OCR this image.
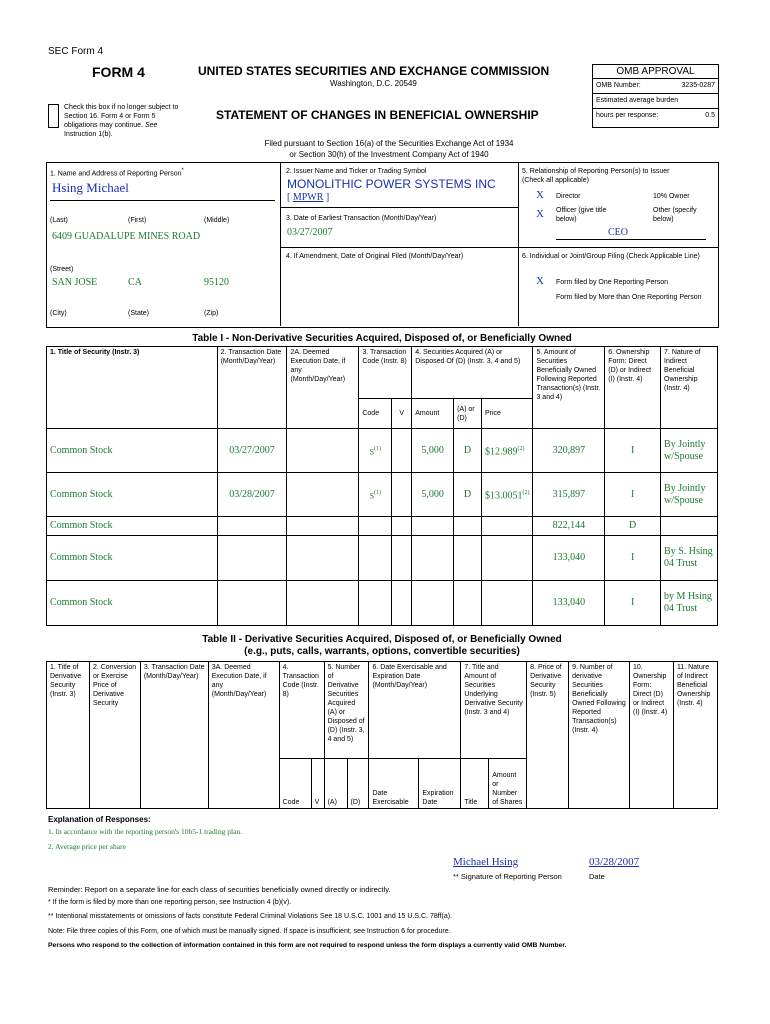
SEC Form 4
FORM 4	UNITED STATES SECURITIES AND EXCHANGE COMMISSION
Washington, D.C. 20549
Check this box if no longer subject to Section 16. Form 4 or Form 5 obligations may continue. See Instruction 1(b).
STATEMENT OF CHANGES IN BENEFICIAL OWNERSHIP
Filed pursuant to Section 16(a) of the Securities Exchange Act of 1934
or Section 30(h) of the Investment Company Act of 1940
OMB APPROVAL
OMB Number:	3235-0287
Estimated average burden
hours per response:	0.5
1. Name and Address of Reporting Person*
Hsing Michael
(Last)	(First)	(Middle)
6409 GUADALUPE MINES ROAD
(Street)
SAN JOSE	CA	95120
(City)	(State)	(Zip)
2. Issuer Name and Ticker or Trading Symbol
MONOLITHIC POWER SYSTEMS INC
[ MPWR ]
3. Date of Earliest Transaction (Month/Day/Year)
03/27/2007
4. If Amendment, Date of Original Filed (Month/Day/Year)
5. Relationship of Reporting Person(s) to Issuer
(Check all applicable)
X Director	10% Owner
X Officer (give title below)
Other (specify below)
CEO
6. Individual or Joint/Group Filing (Check Applicable Line)
X Form filed by One Reporting Person
Form filed by More than One Reporting Person
Table I - Non-Derivative Securities Acquired, Disposed of, or Beneficially Owned
1. Title of Security (Instr. 3)	2. Transaction Date (Month/Day/Year)	2A. Deemed Execution Date, if any (Month/Day/Year)	3. Transaction Code (Instr. 8)		4. Securities Acquired (A) or Disposed Of (D) (Instr. 3, 4 and 5)			5. Amount of Securities Beneficially Owned Following Reported Transaction(s) (Instr. 3 and 4)	6. Ownership Form: Direct (D) or Indirect (I) (Instr. 4)	7. Nature of Indirect Beneficial Ownership (Instr. 4)
			Code	V	Amount	(A) or (D)	Price			
Common Stock	03/27/2007		$S^{(1)}$		5,000	D	$12.989$^{(2)}$	320,897	I	By Jointly w/Spouse
Common Stock	03/28/2007		$S^{(1)}$		5,000	D	$13.0051$^{(2)}$	315,897	I	By Jointly w/Spouse
Common Stock								822,144	D	
Common Stock								133,040	I	By S. Hsing 04 Trust
Common Stock								133,040	I	by M Hsing 04 Trust
Table II - Derivative Securities Acquired, Disposed of, or Beneficially Owned
(e.g., puts, calls, warrants, options, convertible securities)
1. Title of Derivative Security (Instr. 3)	2. Conversion or Exercise Price of Derivative Security	3. Transaction Date (Month/Day/Year)	3A. Deemed Execution Date, if any (Month/Day/Year)	4. Transaction Code (Instr. 8)		5. Number of Derivative Securities Acquired (A) or Disposed of (D) (Instr. 3, 4 and 5)		6. Date Exercisable and Expiration Date (Month/Day/Year)		7. Title and Amount of Securities Underlying Derivative Security (Instr. 3 and 4)		8. Price of Derivative Security (Instr. 5)	9. Number of derivative Securities Beneficially Owned Following Reported Transaction(s) (Instr. 4)	10. Ownership Form: Direct (D) or Indirect (I) (Instr. 4)	11. Nature of Indirect Beneficial Ownership (Instr. 4)
				Code	V	(A)	(D)	Date Exercisable	Expiration Date	Title	Amount or Number of Shares				
Explanation of Responses:
1. In accordance with the reporting person's 10b5-1 trading plan.
2. Average price per share
Michael Hsing	03/28/2007
** Signature of Reporting Person	Date
Reminder: Report on a separate line for each class of securities beneficially owned directly or indirectly.
* If the form is filed by more than one reporting person, see Instruction 4 (b)(v).
** Intentional misstatements or omissions of facts constitute Federal Criminal Violations See 18 U.S.C. 1001 and 15 U.S.C. 78ff(a).
Note: File three copies of this Form, one of which must be manually signed. If space is insufficient, see Instruction 6 for procedure.
Persons who respond to the collection of information contained in this form are not required to respond unless the form displays a currently valid OMB Number.
